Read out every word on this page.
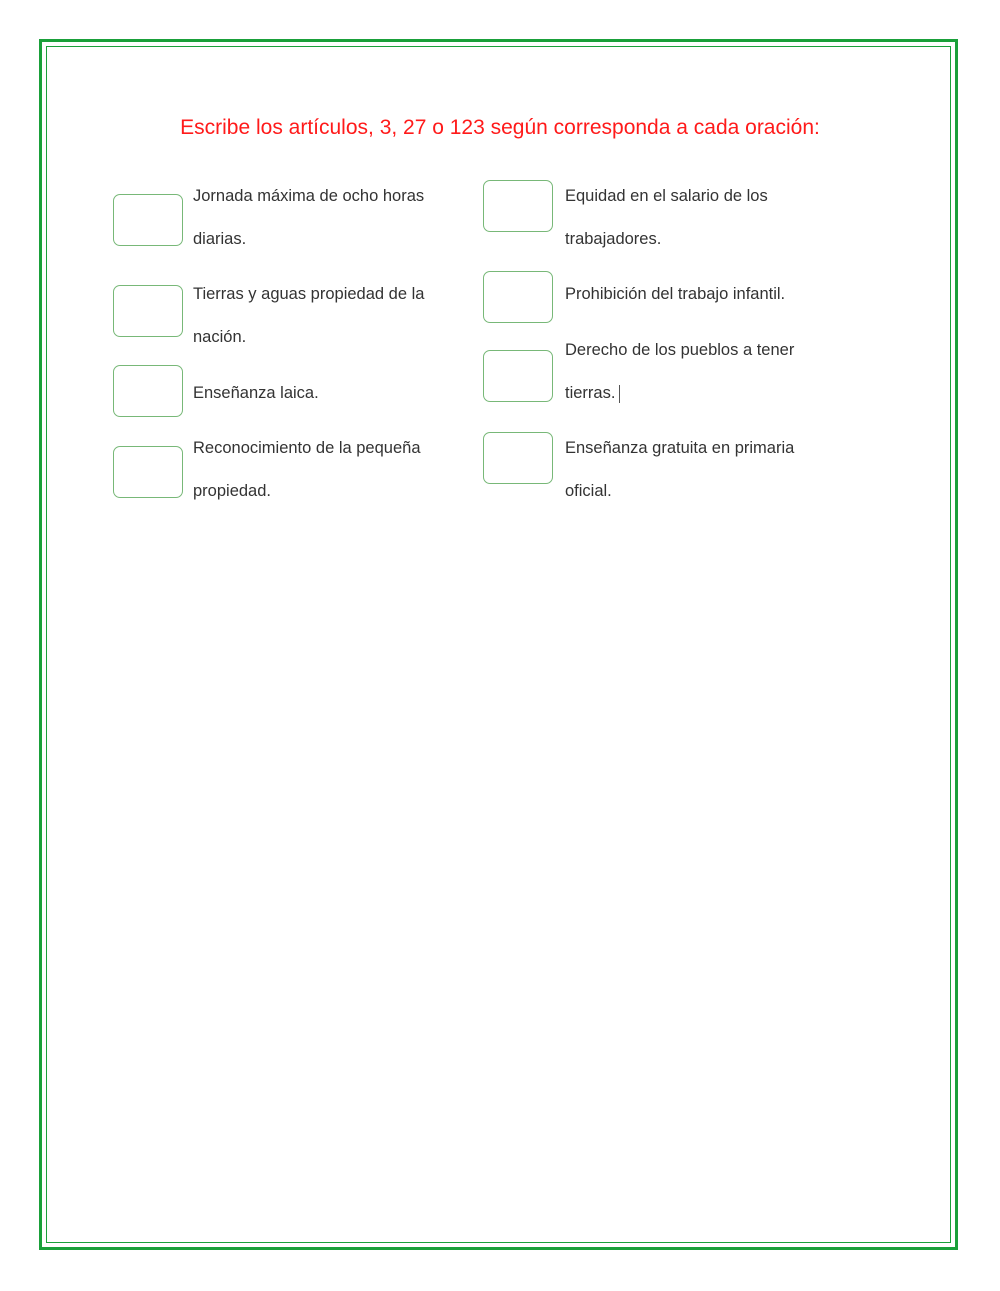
Escribe los artículos, 3, 27 o 123 según corresponda a cada oración:
Jornada máxima de ocho horas diarias.
Tierras y aguas propiedad de la nación.
Enseñanza laica.
Reconocimiento de la pequeña propiedad.
Equidad en el salario de los trabajadores.
Prohibición del trabajo infantil.
Derecho de los pueblos a tener tierras.
Enseñanza gratuita en primaria oficial.
